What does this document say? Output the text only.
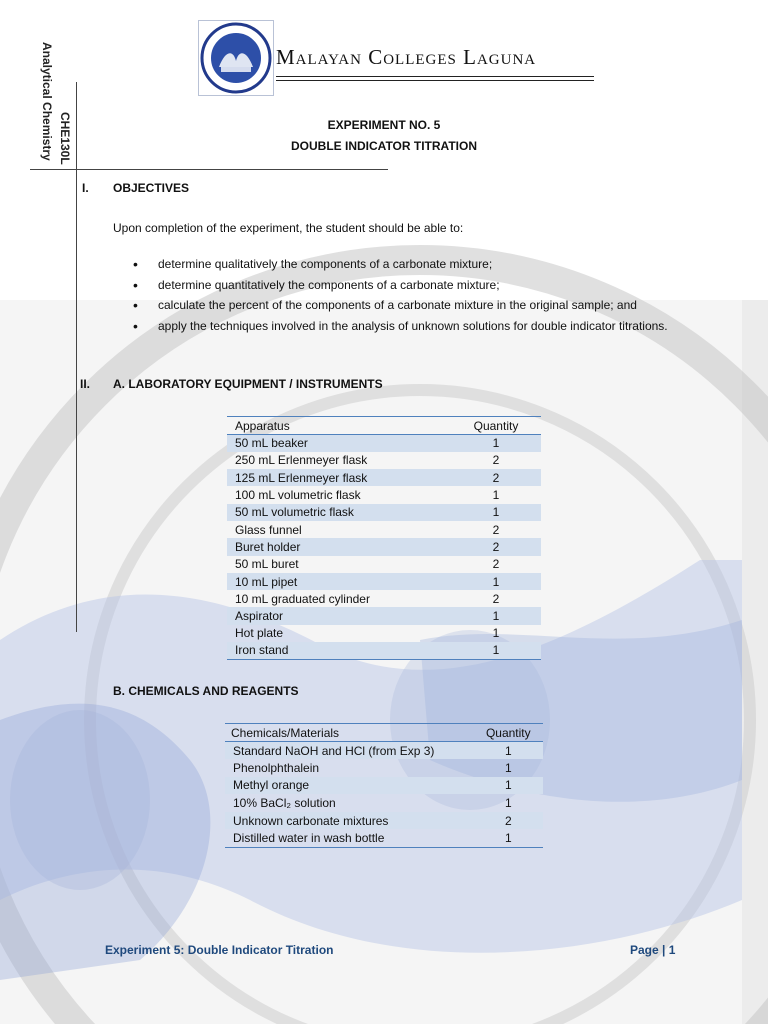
Malayan Colleges Laguna
Analytical Chemistry CHE130L	EXPERIMENT NO. 5
DOUBLE INDICATOR TITRATION
I. OBJECTIVES
Upon completion of the experiment, the student should be able to:
• determine qualitatively the components of a carbonate mixture;
• determine quantitatively the components of a carbonate mixture;
• calculate the percent of the components of a carbonate mixture in the original sample; and
• apply the techniques involved in the analysis of unknown solutions for double indicator titrations.
II. A. LABORATORY EQUIPMENT / INSTRUMENTS
Apparatus	Quantity
50 mL beaker	1
250 mL Erlenmeyer flask	2
125 mL Erlenmeyer flask	2
100 mL volumetric flask	1
50 mL volumetric flask	1
Glass funnel	2
Buret holder	2
50 mL buret	2
10 mL pipet	1
10 mL graduated cylinder	2
Aspirator	1
Hot plate	1
Iron stand	1
B. CHEMICALS AND REAGENTS
Chemicals/Materials	Quantity
Standard NaOH and HCl (from Exp 3)	1
Phenolphthalein	1
Methyl orange	1
10% BaCl₂ solution	1
Unknown carbonate mixtures	2
Distilled water in wash bottle	1
Experiment 5: Double Indicator Titration	Page | 1
